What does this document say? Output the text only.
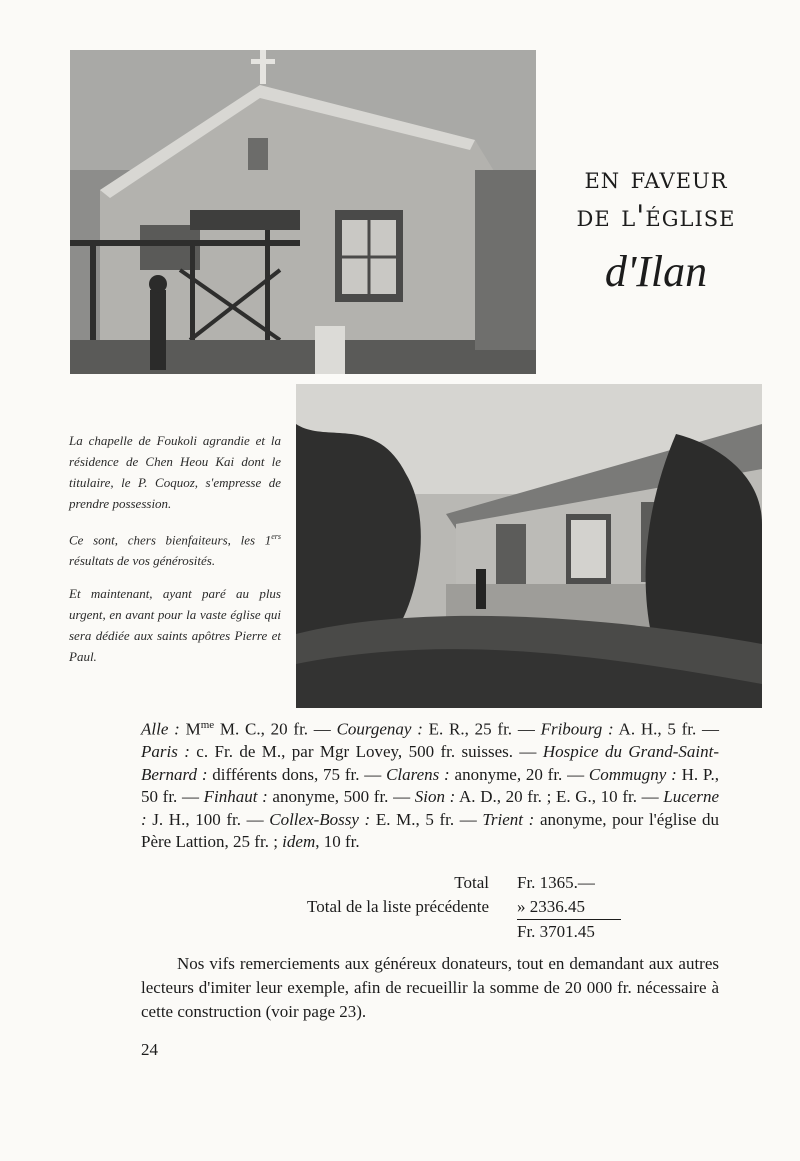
en faveur
de l'église
d'Ilan

La chapelle de Foukoli agrandie et la résidence de Chen Heou Kai dont le titulaire, le P. Coquoz, s'empresse de prendre possession.

Ce sont, chers bienfaiteurs, les 1ers résultats de vos générosités.

Et maintenant, ayant paré au plus urgent, en avant pour la vaste église qui sera dédiée aux saints apôtres Pierre et Paul.

Alle : $M^{me}$ M. C., 20 fr. — Courgenay : E. R., 25 fr. — Fribourg : A. H., 5 fr. — Paris : c. Fr. de M., par Mgr Lovey, 500 fr. suisses. — Hospice du Grand-Saint-Bernard : différents dons, 75 fr. — Clarens : anonyme, 20 fr. — Commugny : H. P., 50 fr. — Finhaut : anonyme, 500 fr. — Sion : A. D., 20 fr. ; E. G., 10 fr. — Lucerne : J. H., 100 fr. — Collex-Bossy : E. M., 5 fr. — Trient : anonyme, pour l'église du Père Lattion, 25 fr. ; idem, 10 fr.
Total	Fr. 1365.—
Total de la liste précédente	» 2336.45
Fr. 3701.45
Nos vifs remerciements aux généreux donateurs, tout en demandant aux autres lecteurs d'imiter leur exemple, afin de recueillir la somme de 20 000 fr. nécessaire à cette construction (voir page 23).
24
